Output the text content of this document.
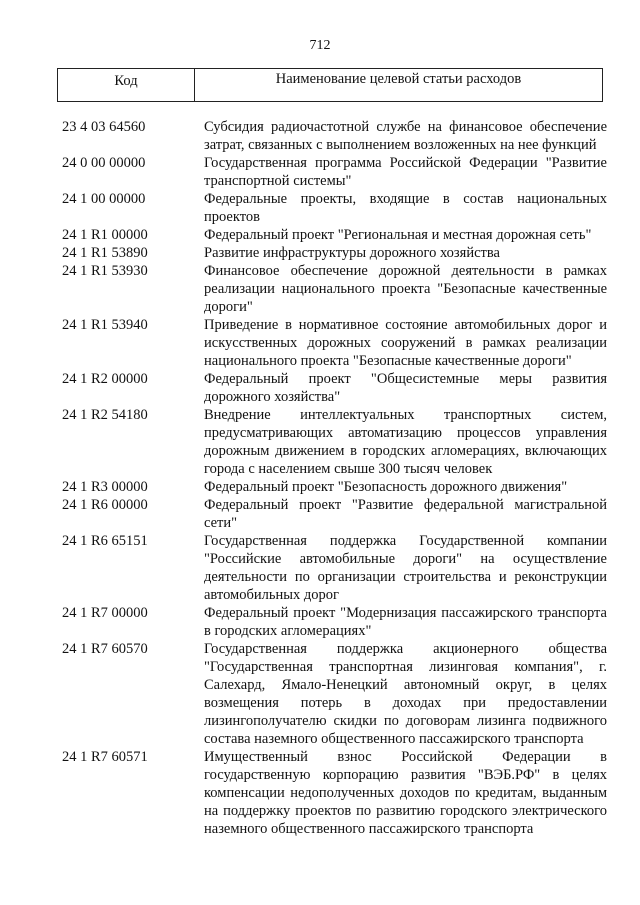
712
Код	Наименование целевой статьи расходов
23 4 03 64560	Субсидия радиочастотной службе на финансовое обеспечение затрат, связанных с выполнением возложенных на нее функций
24 0 00 00000	Государственная программа Российской Федерации "Развитие транспортной системы"
24 1 00 00000	Федеральные проекты, входящие в состав национальных проектов
24 1 R1 00000	Федеральный проект "Региональная и местная дорожная сеть"
24 1 R1 53890	Развитие инфраструктуры дорожного хозяйства
24 1 R1 53930	Финансовое обеспечение дорожной деятельности в рамках реализации национального проекта "Безопасные качественные дороги"
24 1 R1 53940	Приведение в нормативное состояние автомобильных дорог и искусственных дорожных сооружений в рамках реализации национального проекта "Безопасные качественные дороги"
24 1 R2 00000	Федеральный проект "Общесистемные меры развития дорожного хозяйства"
24 1 R2 54180	Внедрение интеллектуальных транспортных систем, предусматривающих автоматизацию процессов управления дорожным движением в городских агломерациях, включающих города с населением свыше 300 тысяч человек
24 1 R3 00000	Федеральный проект "Безопасность дорожного движения"
24 1 R6 00000	Федеральный проект "Развитие федеральной магистральной сети"
24 1 R6 65151	Государственная поддержка Государственной компании "Российские автомобильные дороги" на осуществление деятельности по организации строительства и реконструкции автомобильных дорог
24 1 R7 00000	Федеральный проект "Модернизация пассажирского транспорта в городских агломерациях"
24 1 R7 60570	Государственная поддержка акционерного общества "Государственная транспортная лизинговая компания", г. Салехард, Ямало-Ненецкий автономный округ, в целях возмещения потерь в доходах при предоставлении лизингополучателю скидки по договорам лизинга подвижного состава наземного общественного пассажирского транспорта
24 1 R7 60571	Имущественный взнос Российской Федерации в государственную корпорацию развития "ВЭБ.РФ" в целях компенсации недополученных доходов по кредитам, выданным на поддержку проектов по развитию городского электрического наземного общественного пассажирского транспорта
